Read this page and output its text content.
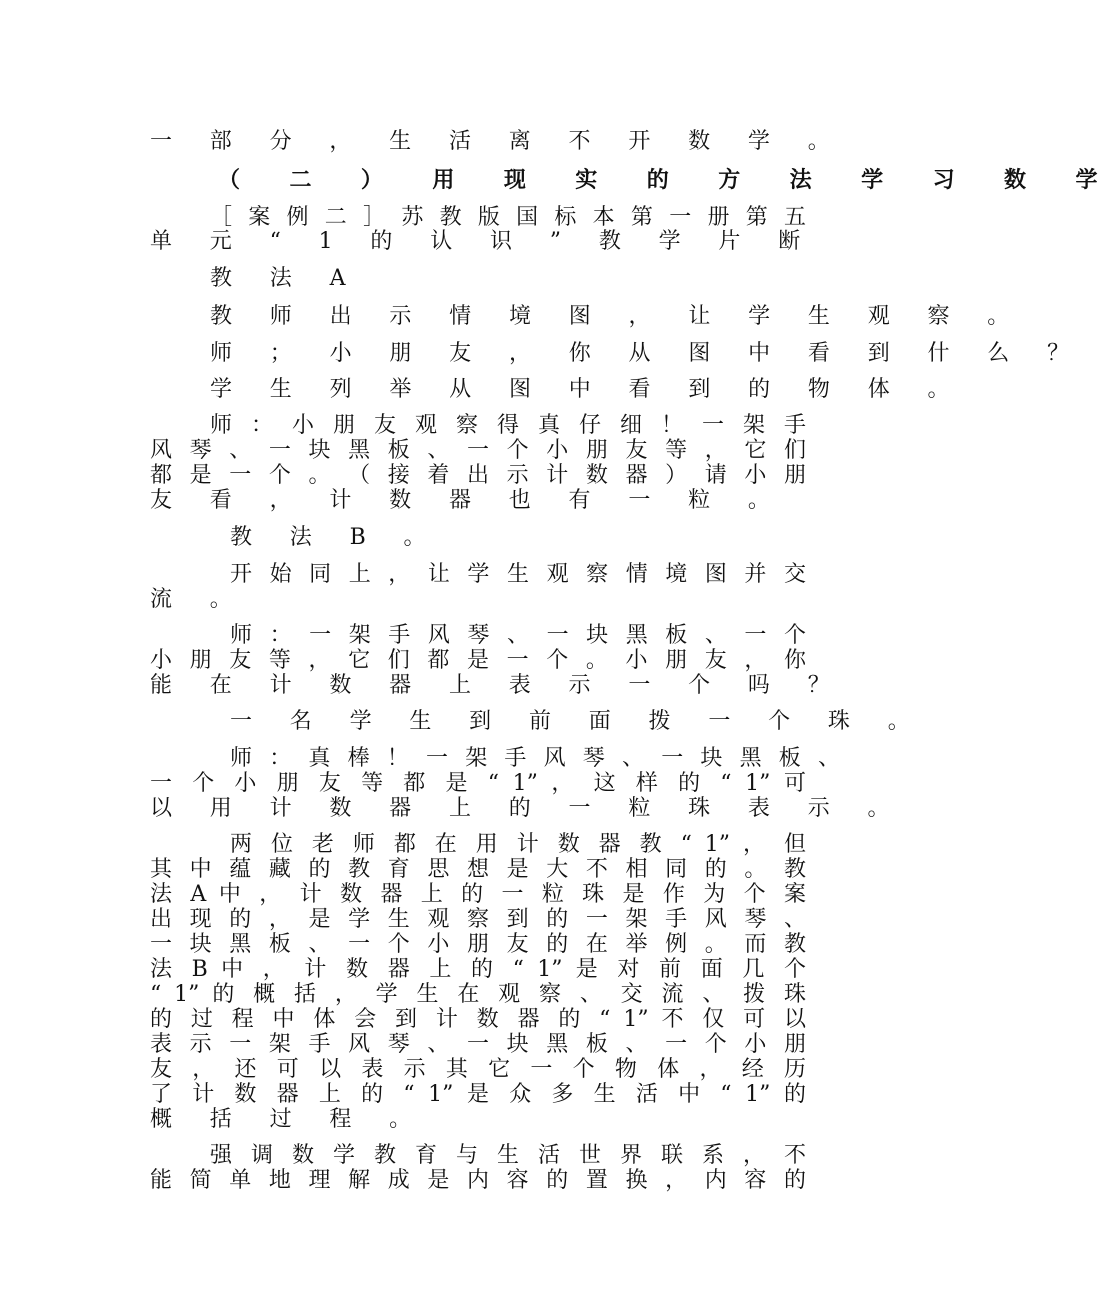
一 部 分 ， 生 活 离 不 开 数 学 。
（ 二 ） 用 现 实 的 方 法 学 习 数 学
［ 案 例 二 ］ 苏 教 版 国 标 本 第 一 册 第 五
单 元 “ 1 的 认 识 ” 教 学 片 断
教 法 A
教 师 出 示 情 境 图 ， 让 学 生 观 察 。
师 ； 小 朋 友 ， 你 从 图 中 看 到 什 么 ？
学 生 列 举 从 图 中 看 到 的 物 体 。
师 ： 小 朋 友 观 察 得 真 仔 细 ！ 一 架 手
风 琴 、 一 块 黑 板 、 一 个 小 朋 友 等 ， 它 们
都 是 一 个 。 （ 接 着 出 示 计 数 器 ） 请 小 朋
友 看 ， 计 数 器 也 有 一 粒 。
教 法 B 。
开 始 同 上 ， 让 学 生 观 察 情 境 图 并 交
流 。
师 ： 一 架 手 风 琴 、 一 块 黑 板 、 一 个
小 朋 友 等 ， 它 们 都 是 一 个 。 小 朋 友 ， 你
能 在 计 数 器 上 表 示 一 个 吗 ？
一 名 学 生 到 前 面 拨 一 个 珠 。
师 ： 真 棒 ！ 一 架 手 风 琴 、 一 块 黑 板 、
一 个 小 朋 友 等 都 是 “ 1” ， 这 样 的 “ 1” 可
以 用 计 数 器 上 的 一 粒 珠 表 示 。
两 位 老 师 都 在 用 计 数 器 教 “ 1” ， 但
其 中 蕴 藏 的 教 育 思 想 是 大 不 相 同 的 。 教
法 A 中 ， 计 数 器 上 的 一 粒 珠 是 作 为 个 案
出 现 的 ， 是 学 生 观 察 到 的 一 架 手 风 琴 、
一 块 黑 板 、 一 个 小 朋 友 的 在 举 例 。 而 教
法 B 中 ， 计 数 器 上 的 “ 1” 是 对 前 面 几 个
“ 1” 的 概 括 ， 学 生 在 观 察 、 交 流 、 拨 珠
的 过 程 中 体 会 到 计 数 器 的 “ 1” 不 仅 可 以
表 示 一 架 手 风 琴 、 一 块 黑 板 、 一 个 小 朋
友 ， 还 可 以 表 示 其 它 一 个 物 体 ， 经 历
了 计 数 器 上 的 “ 1” 是 众 多 生 活 中 “ 1” 的
概 括 过 程 。
强 调 数 学 教 育 与 生 活 世 界 联 系 ， 不
能 简 单 地 理 解 成 是 内 容 的 置 换 ， 内 容 的
